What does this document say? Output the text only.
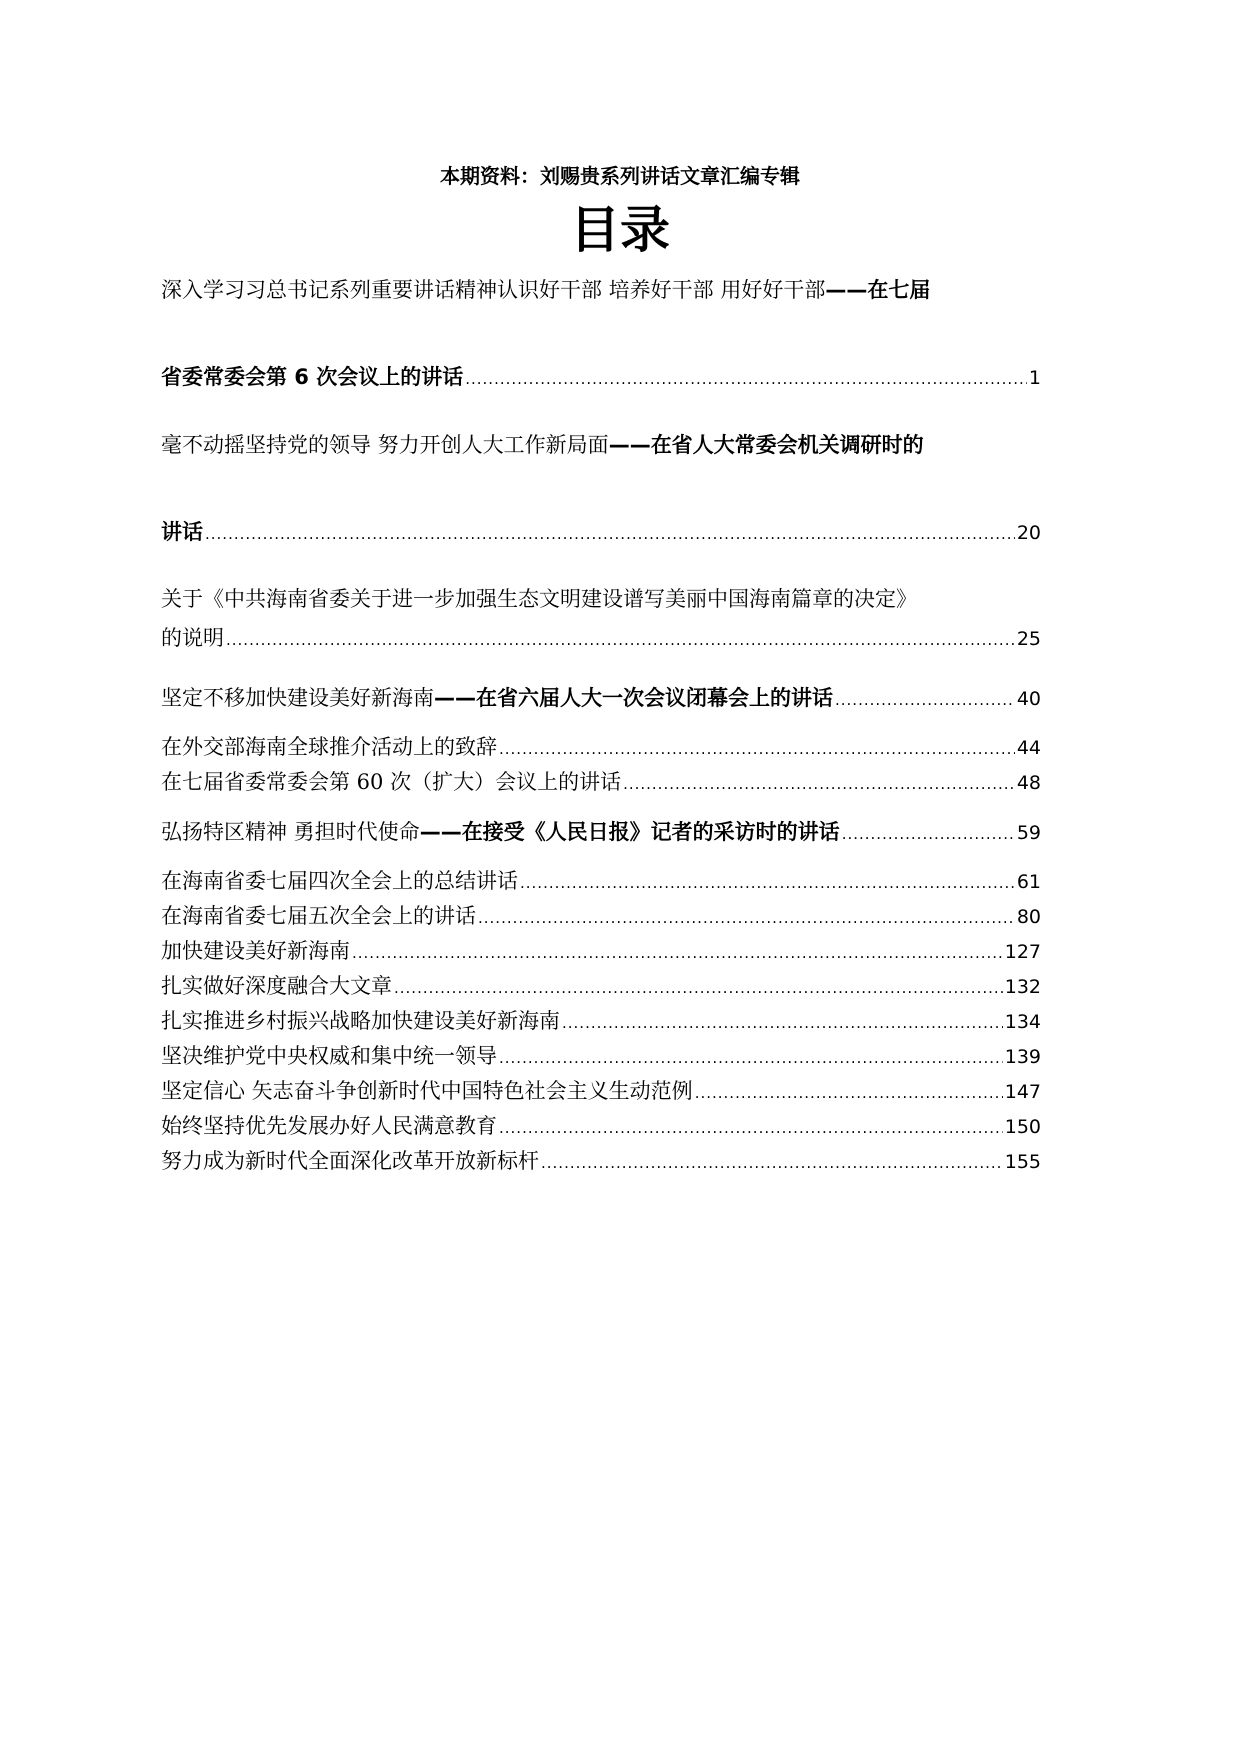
本期资料：刘赐贵系列讲话文章汇编专辑
目录
深入学习习总书记系列重要讲话精神认识好干部 培养好干部 用好好干部——在七届
省委常委会第 6 次会议上的讲话 .....	1
毫不动摇坚持党的领导 努力开创人大工作新局面——在省人大常委会机关调研时的
讲话 .....	20
关于《中共海南省委关于进一步加强生态文明建设谱写美丽中国海南篇章的决定》
的说明 .....	25
坚定不移加快建设美好新海南——在省六届人大一次会议闭幕会上的讲话 .....	40
在外交部海南全球推介活动上的致辞 .....	44
在七届省委常委会第 60 次（扩大）会议上的讲话 .....	48
弘扬特区精神 勇担时代使命——在接受《人民日报》记者的采访时的讲话 .....	59
在海南省委七届四次全会上的总结讲话 .....	61
在海南省委七届五次全会上的讲话 .....	80
加快建设美好新海南 .....	127
扎实做好深度融合大文章 .....	132
扎实推进乡村振兴战略加快建设美好新海南 .....	134
坚决维护党中央权威和集中统一领导 .....	139
坚定信心 矢志奋斗争创新时代中国特色社会主义生动范例 .....	147
始终坚持优先发展办好人民满意教育 .....	150
努力成为新时代全面深化改革开放新标杆 .....	155
